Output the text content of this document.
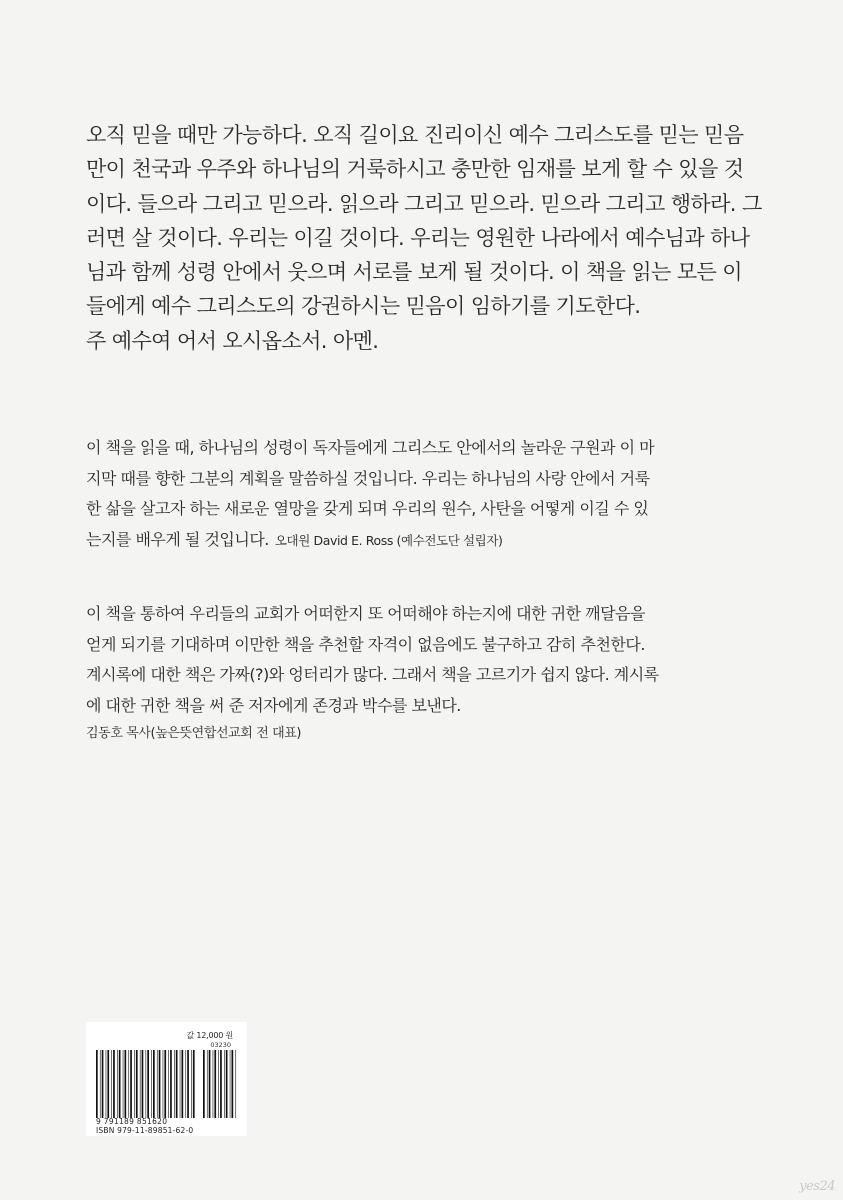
오직 믿을 때만 가능하다. 오직 길이요 진리이신 예수 그리스도를 믿는 믿음
만이 천국과 우주와 하나님의 거룩하시고 충만한 임재를 보게 할 수 있을 것
이다. 들으라 그리고 믿으라. 읽으라 그리고 믿으라. 믿으라 그리고 행하라. 그
러면 살 것이다. 우리는 이길 것이다. 우리는 영원한 나라에서 예수님과 하나
님과 함께 성령 안에서 웃으며 서로를 보게 될 것이다. 이 책을 읽는 모든 이
들에게 예수 그리스도의 강권하시는 믿음이 임하기를 기도한다.
주 예수여 어서 오시옵소서. 아멘.
이 책을 읽을 때, 하나님의 성령이 독자들에게 그리스도 안에서의 놀라운 구원과 이 마
지막 때를 향한 그분의 계획을 말씀하실 것입니다. 우리는 하나님의 사랑 안에서 거룩
한 삶을 살고자 하는 새로운 열망을 갖게 되며 우리의 원수, 사탄을 어떻게 이길 수 있
는지를 배우게 될 것입니다. 오대원 David E. Ross (예수전도단 설립자)
이 책을 통하여 우리들의 교회가 어떠한지 또 어떠해야 하는지에 대한 귀한 깨달음을
얻게 되기를 기대하며 이만한 책을 추천할 자격이 없음에도 불구하고 감히 추천한다.
계시록에 대한 책은 가짜(?)와 엉터리가 많다. 그래서 책을 고르기가 쉽지 않다. 계시록
에 대한 귀한 책을 써 준 저자에게 존경과 박수를 보낸다.
김동호 목사(높은뜻연합선교회 전 대표)
값 12,000 원
03230
9 791189 851620
ISBN 979-11-89851-62-0
yes24
